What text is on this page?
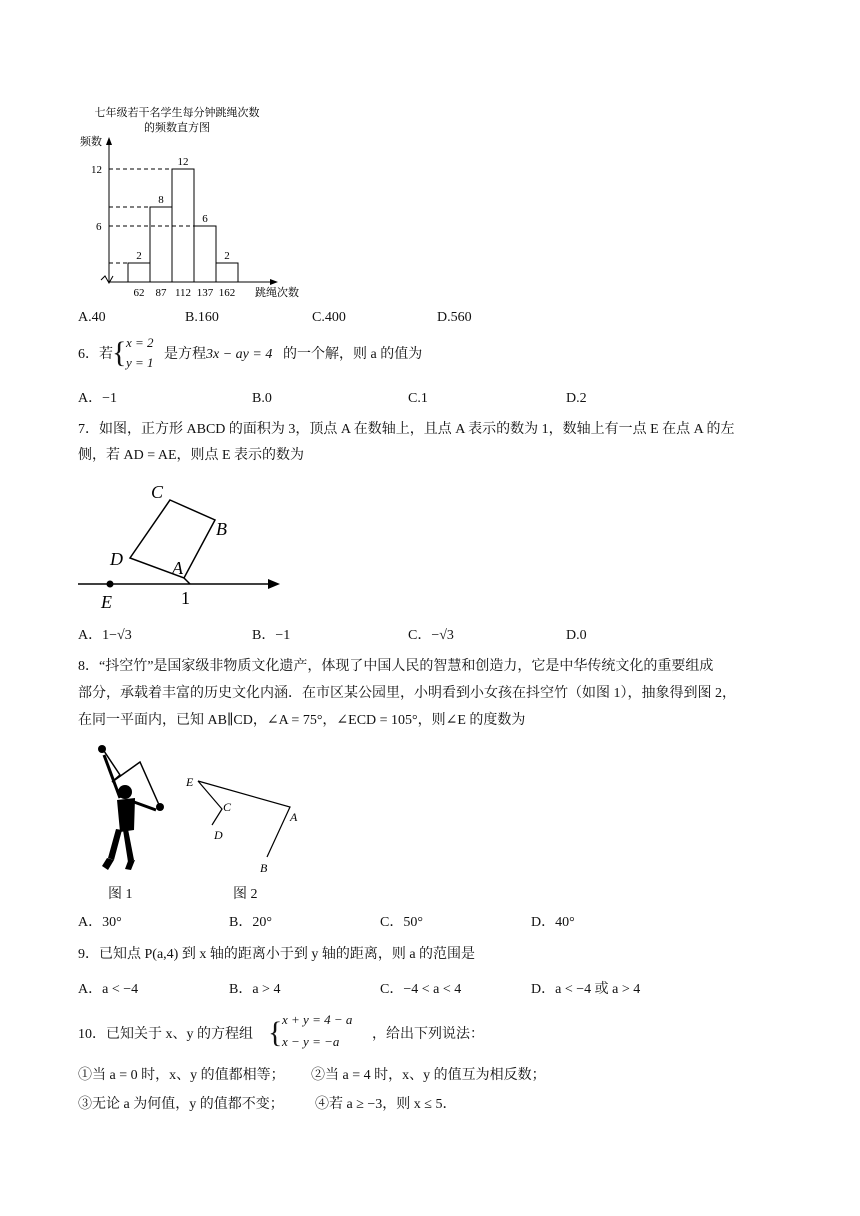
七年级若干名学生每分钟跳绳次数
的频数直方图
频数
跳绳次数
12
6
2
8
12
6
2
62 87 112 137 162
A.40	B.160	C.400	D.560
6．若 { x = 2
y = 1
是方程 3x − ay = 4 的一个解，则 a 的值为
A．−1	B.0	C.1	D.2
7．如图，正方形 ABCD 的面积为 3，顶点 A 在数轴上，且点 A 表示的数为 1，数轴上有一点 E 在点 A 的左
侧，若 AD = AE，则点 E 表示的数为
C
B
D	A
E	1
A．1−√3	B．−1	C．−√3	D.0
8．“抖空竹”是国家级非物质文化遗产，体现了中国人民的智慧和创造力，它是中华传统文化的重要组成
部分，承载着丰富的历史文化内涵．在市区某公园里，小明看到小女孩在抖空竹（如图 1），抽象得到图 2，
在同一平面内，已知 AB∥CD，∠A = 75°，∠ECD = 105°，则∠E 的度数为
E
C
D
A
B
图 1	图 2
A．30°	B．20°	C．50°	D．40°
9．已知点 P(a,4) 到 x 轴的距离小于到 y 轴的距离，则 a 的范围是
A．a < −4	B．a > 4	C．−4 < a < 4	D．a < −4 或 a > 4
10．已知关于 x、y 的方程组 { x + y = 4 − a
x − y = −a ，给出下列说法：
①当 a = 0 时，x、y 的值都相等； ②当 a = 4 时，x、y 的值互为相反数；
③无论 a 为何值，y 的值都不变； ④若 a ≥ −3，则 x ≤ 5．
